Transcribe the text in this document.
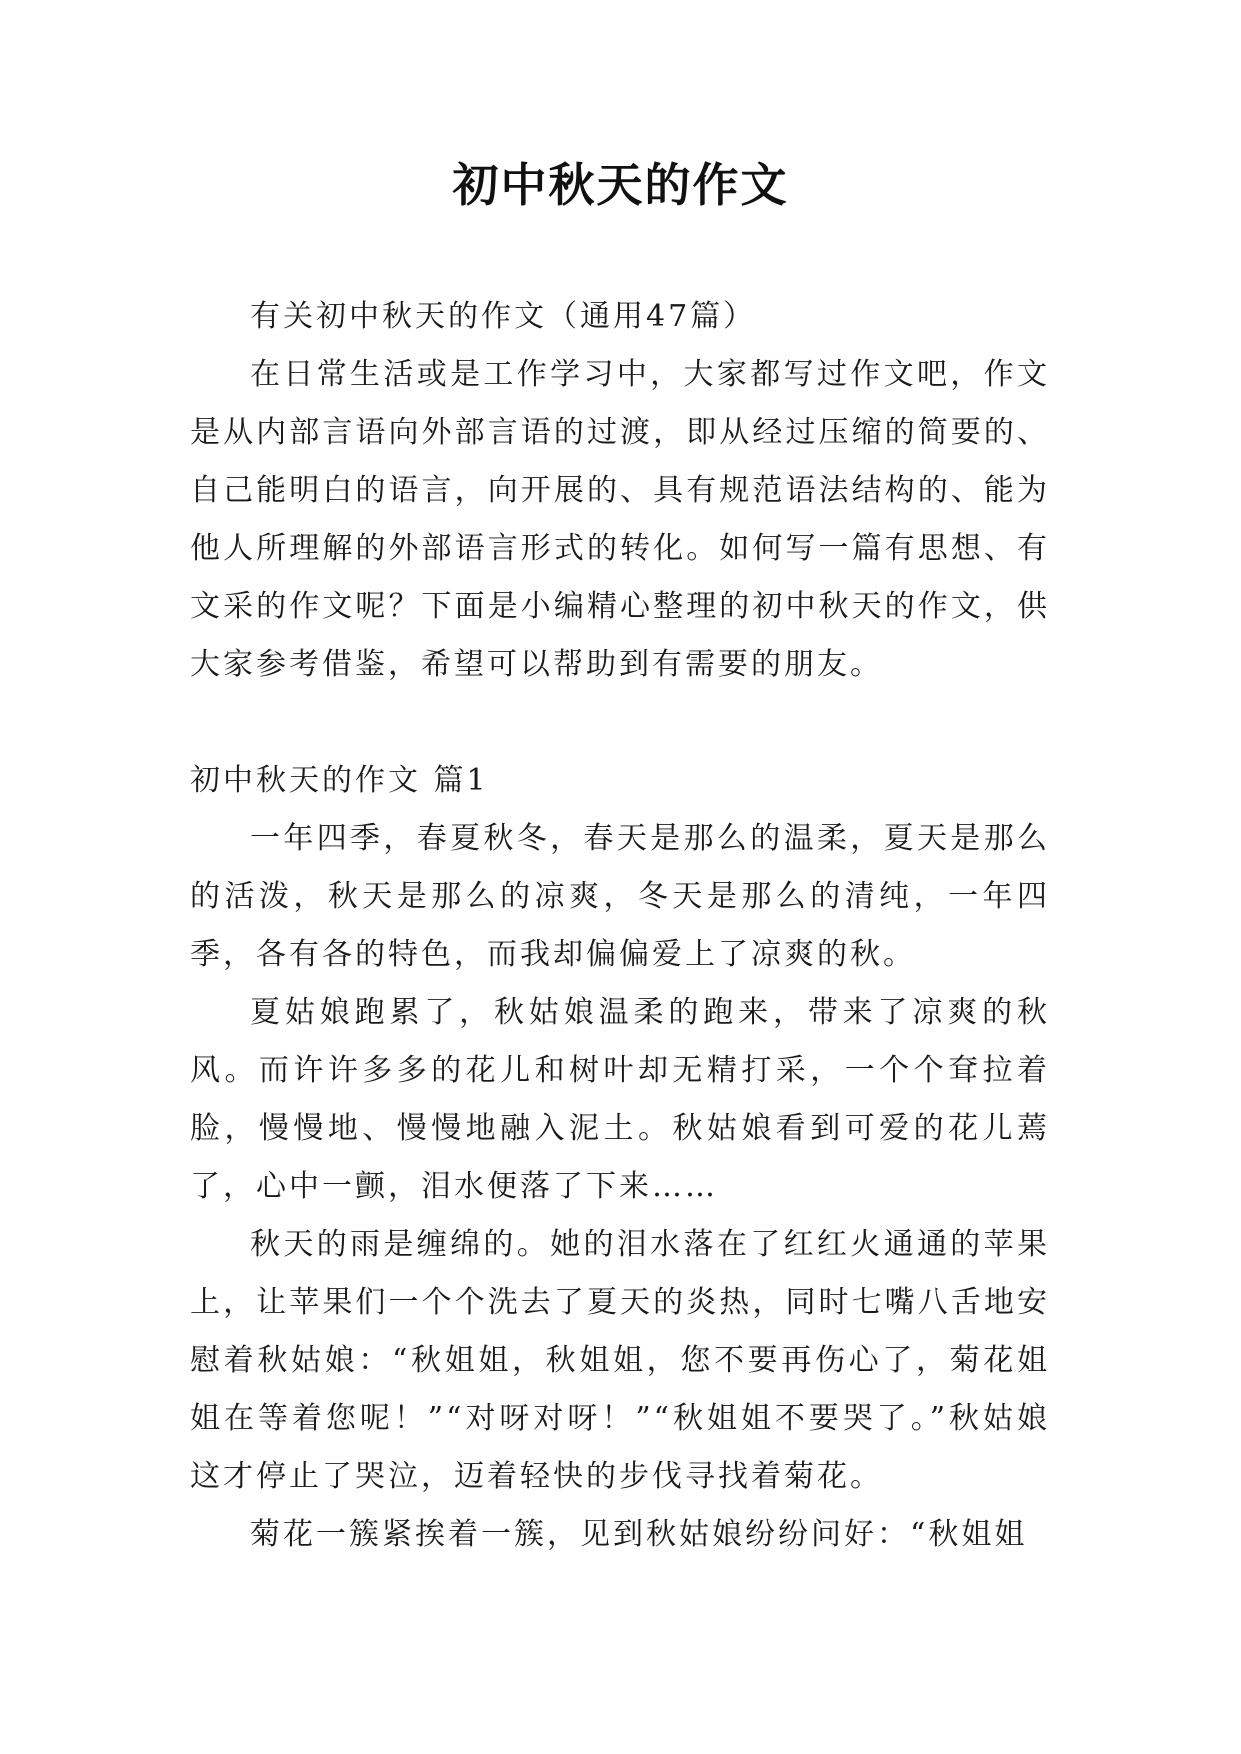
初中秋天的作文

有关初中秋天的作文（通用47篇）

在日常生活或是工作学习中，大家都写过作文吧，作文是从内部言语向外部言语的过渡，即从经过压缩的简要的、自己能明白的语言，向开展的、具有规范语法结构的、能为他人所理解的外部语言形式的转化。如何写一篇有思想、有文采的作文呢？下面是小编精心整理的初中秋天的作文，供大家参考借鉴，希望可以帮助到有需要的朋友。

初中秋天的作文 篇1

一年四季，春夏秋冬，春天是那么的温柔，夏天是那么的活泼，秋天是那么的凉爽，冬天是那么的清纯，一年四季，各有各的特色，而我却偏偏爱上了凉爽的秋。

夏姑娘跑累了，秋姑娘温柔的跑来，带来了凉爽的秋风。而许许多多的花儿和树叶却无精打采，一个个耷拉着脸，慢慢地、慢慢地融入泥土。秋姑娘看到可爱的花儿蔫了，心中一颤，泪水便落了下来……

秋天的雨是缠绵的。她的泪水落在了红红火通通的苹果上，让苹果们一个个洗去了夏天的炎热，同时七嘴八舌地安慰着秋姑娘：“秋姐姐，秋姐姐，您不要再伤心了，菊花姐姐在等着您呢！”“对呀对呀！”“秋姐姐不要哭了。”秋姑娘这才停止了哭泣，迈着轻快的步伐寻找着菊花。

菊花一簇紧挨着一簇，见到秋姑娘纷纷问好：“秋姐姐
